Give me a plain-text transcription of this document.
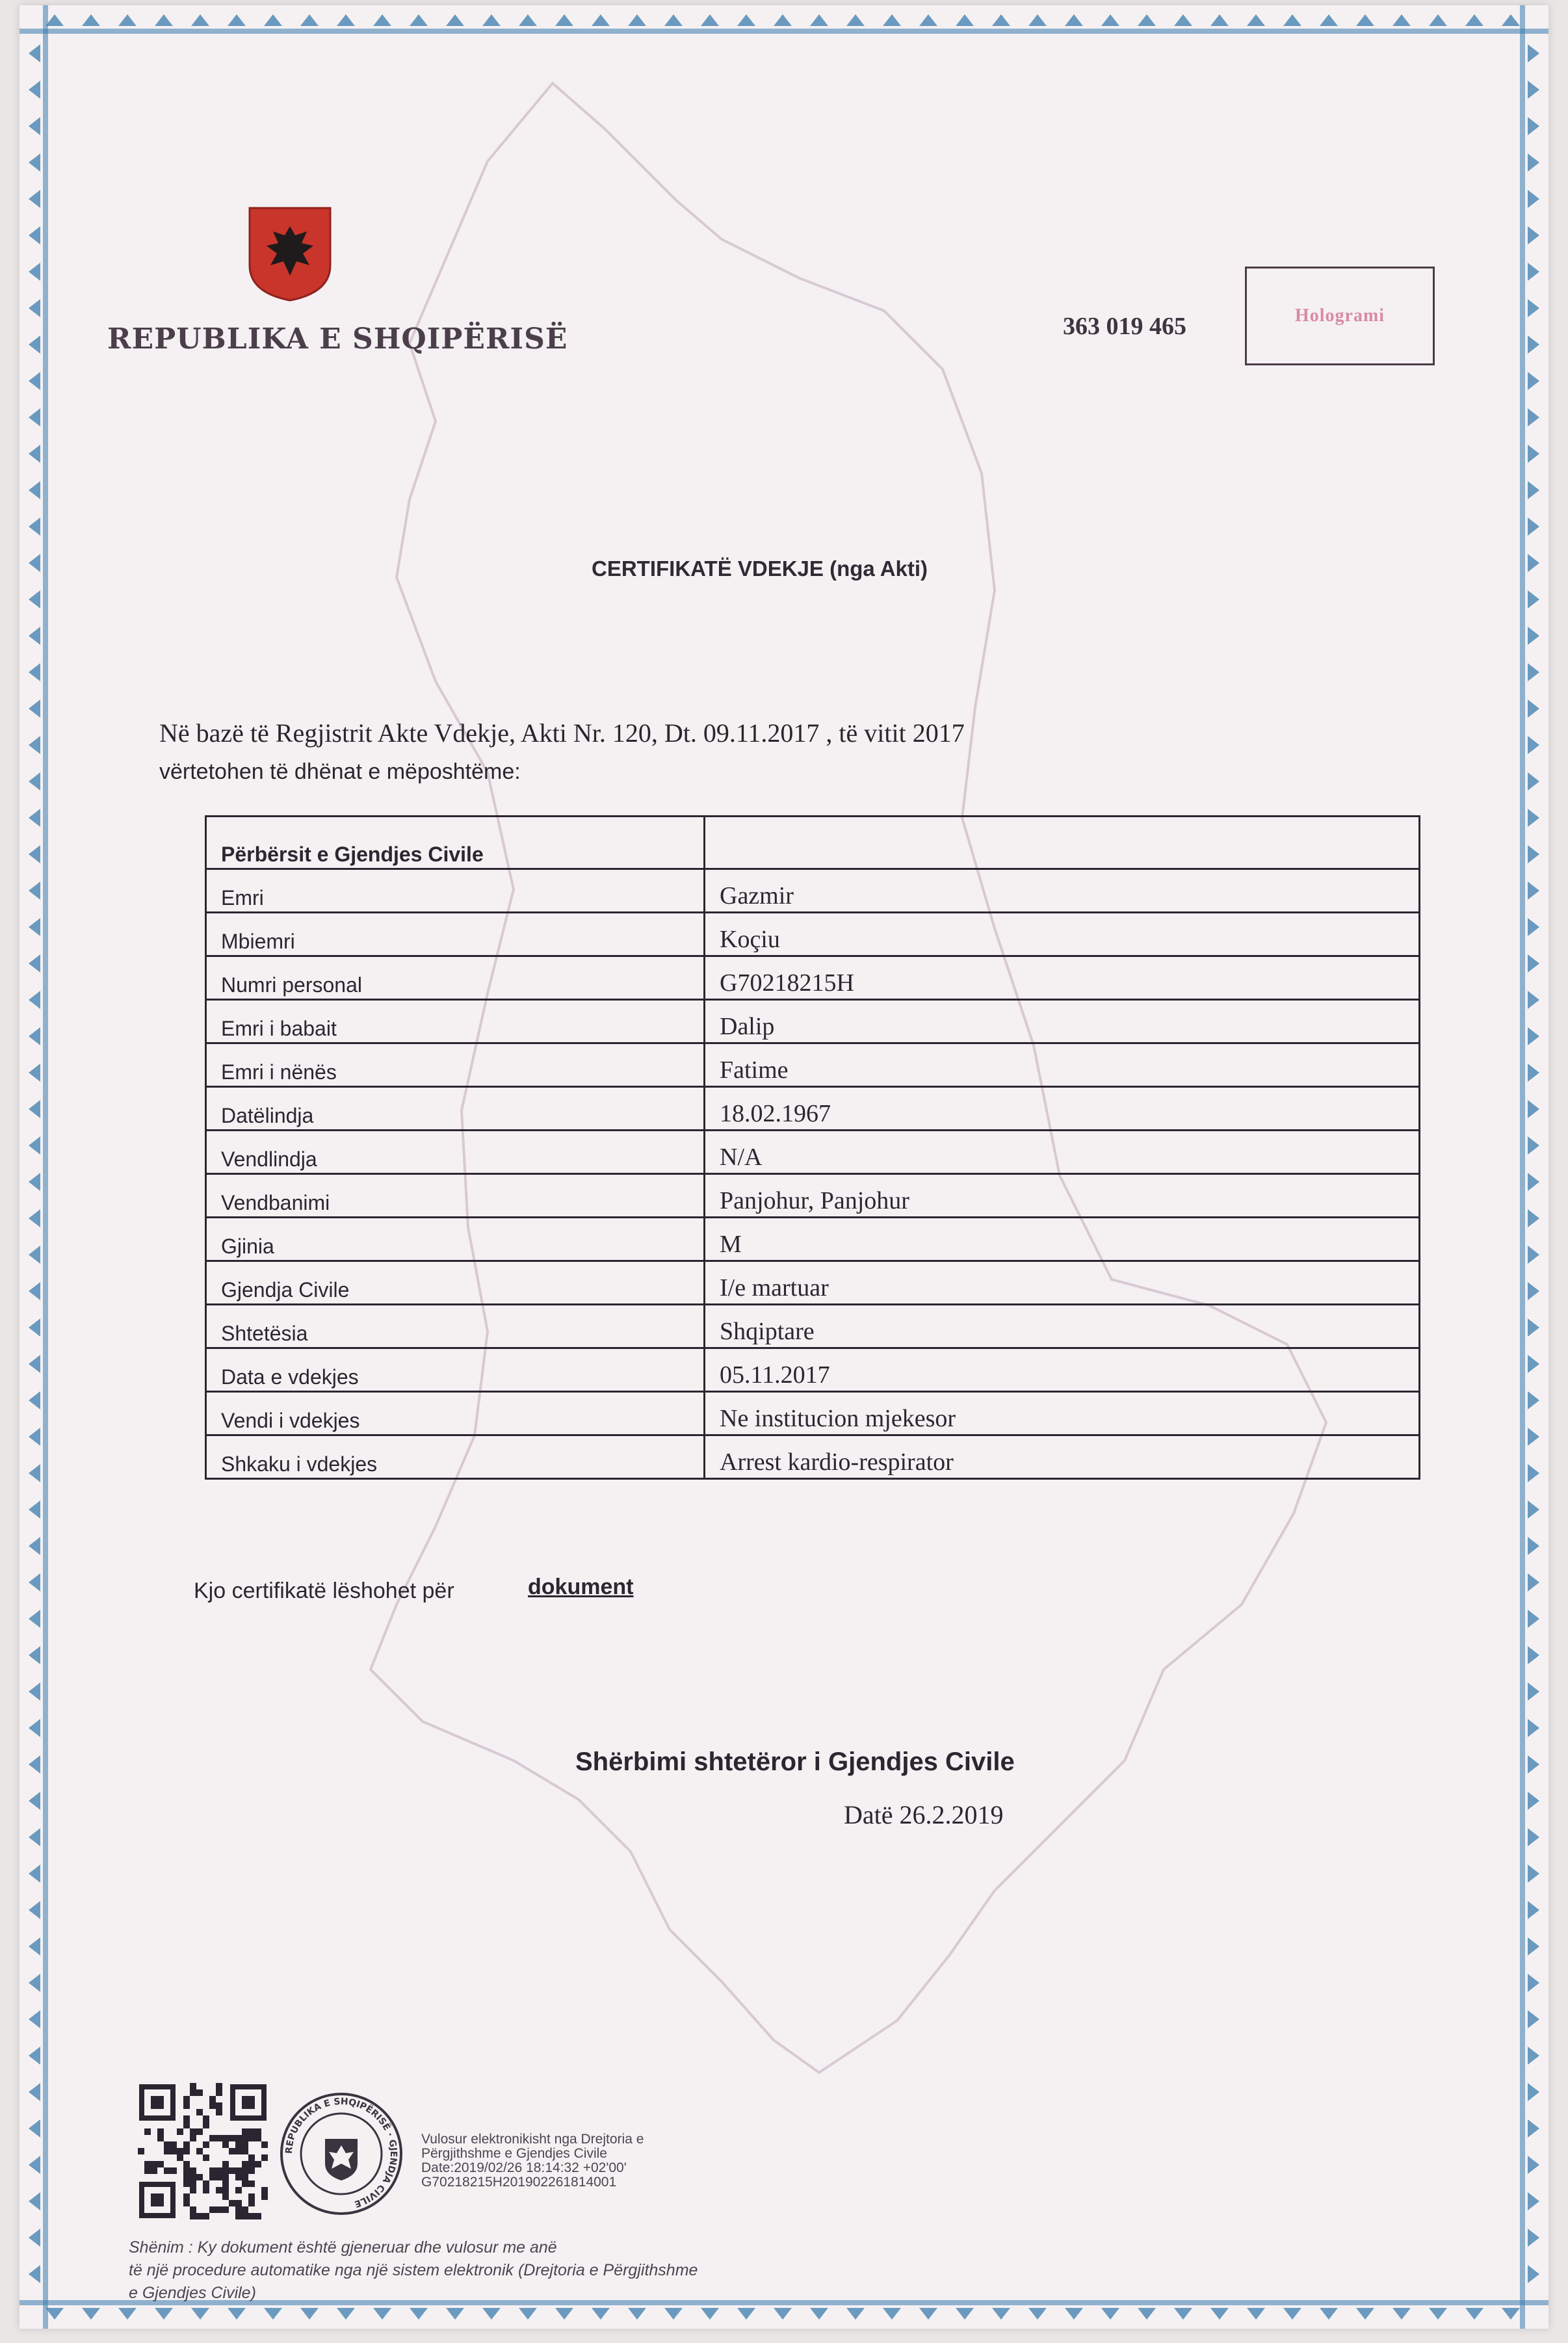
REPUBLIKA E SHQIPËRISË	363 019 465	Hologrami
CERTIFIKATË VDEKJE (nga Akti)
Në bazë të Regjistrit Akte Vdekje, Akti Nr. 120, Dt. 09.11.2017 , të vitit 2017
vërtetohen të dhënat e mëposhtëme:
Përbërsit e Gjendjes Civile	
Emri	Gazmir
Mbiemri	Koçiu
Numri personal	G70218215H
Emri i babait	Dalip
Emri i nënës	Fatime
Datëlindja	18.02.1967
Vendlindja	N/A
Vendbanimi	Panjohur, Panjohur
Gjinia	M
Gjendja Civile	I/e martuar
Shtetësia	Shqiptare
Data e vdekjes	05.11.2017
Vendi i vdekjes	Ne institucion mjekesor
Shkaku i vdekjes	Arrest kardio-respirator
Kjo certifikatë lëshohet për	dokument
Shërbimi shtetëror i Gjendjes Civile
Datë 26.2.2019
REPUBLIKA E SHQIPËRISË · GJENDJA CIVILE
Vulosur elektronikisht nga Drejtoria e
Përgjithshme e Gjendjes Civile
Date:2019/02/26 18:14:32 +02'00'
G70218215H201902261814001
Shënim : Ky dokument është gjeneruar dhe vulosur me anë
të një procedure automatike nga një sistem elektronik (Drejtoria e Përgjithshme
e Gjendjes Civile)
